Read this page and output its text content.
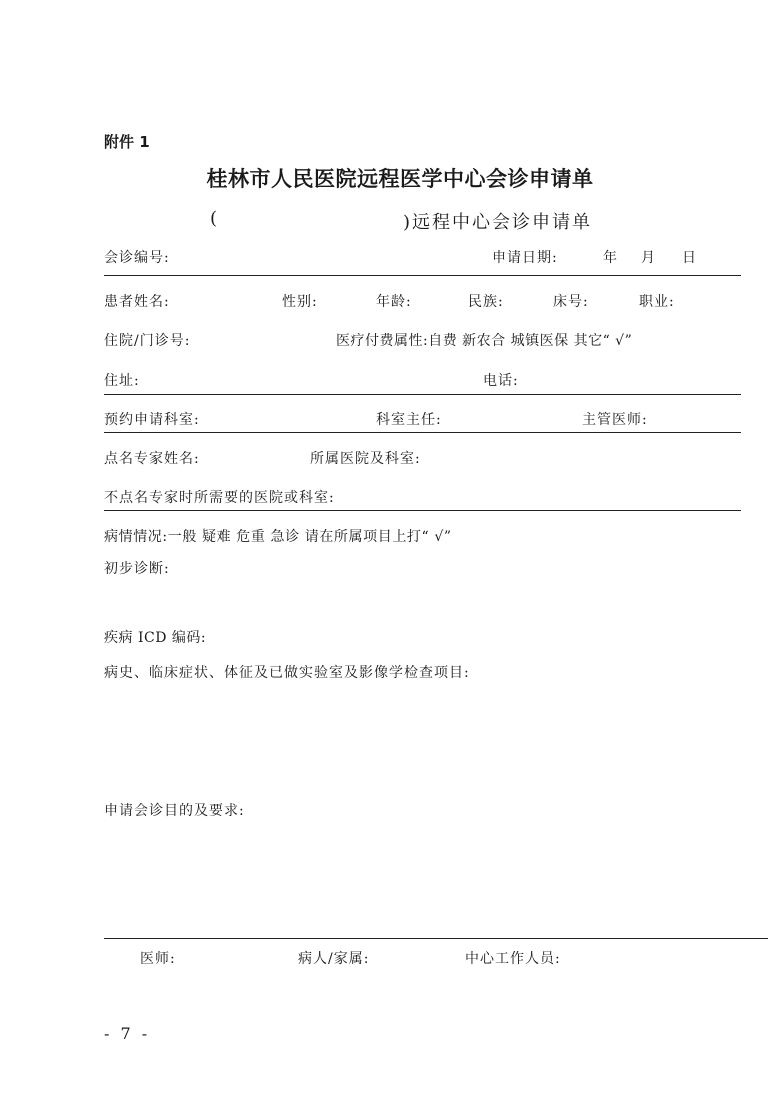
附件 1
桂林市人民医院远程医学中心会诊申请单
(	)远程中心会诊申请单
会诊编号:	申请日期:	年 月 日
患者姓名:	性别:	年龄:	民族:	床号:	职业:
住院/门诊号:	医疗付费属性:自费 新农合 城镇医保 其它“ √”
住址:	电话:
预约申请科室:	科室主任:	主管医师:
点名专家姓名:	所属医院及科室:
不点名专家时所需要的医院或科室:
病情情况:一般 疑难 危重 急诊 请在所属项目上打“ √”
初步诊断:
疾病 ICD 编码:
病史、临床症状、体征及已做实验室及影像学检查项目:
申请会诊目的及要求:
医师:	病人/家属:	中心工作人员:
- 7 -
